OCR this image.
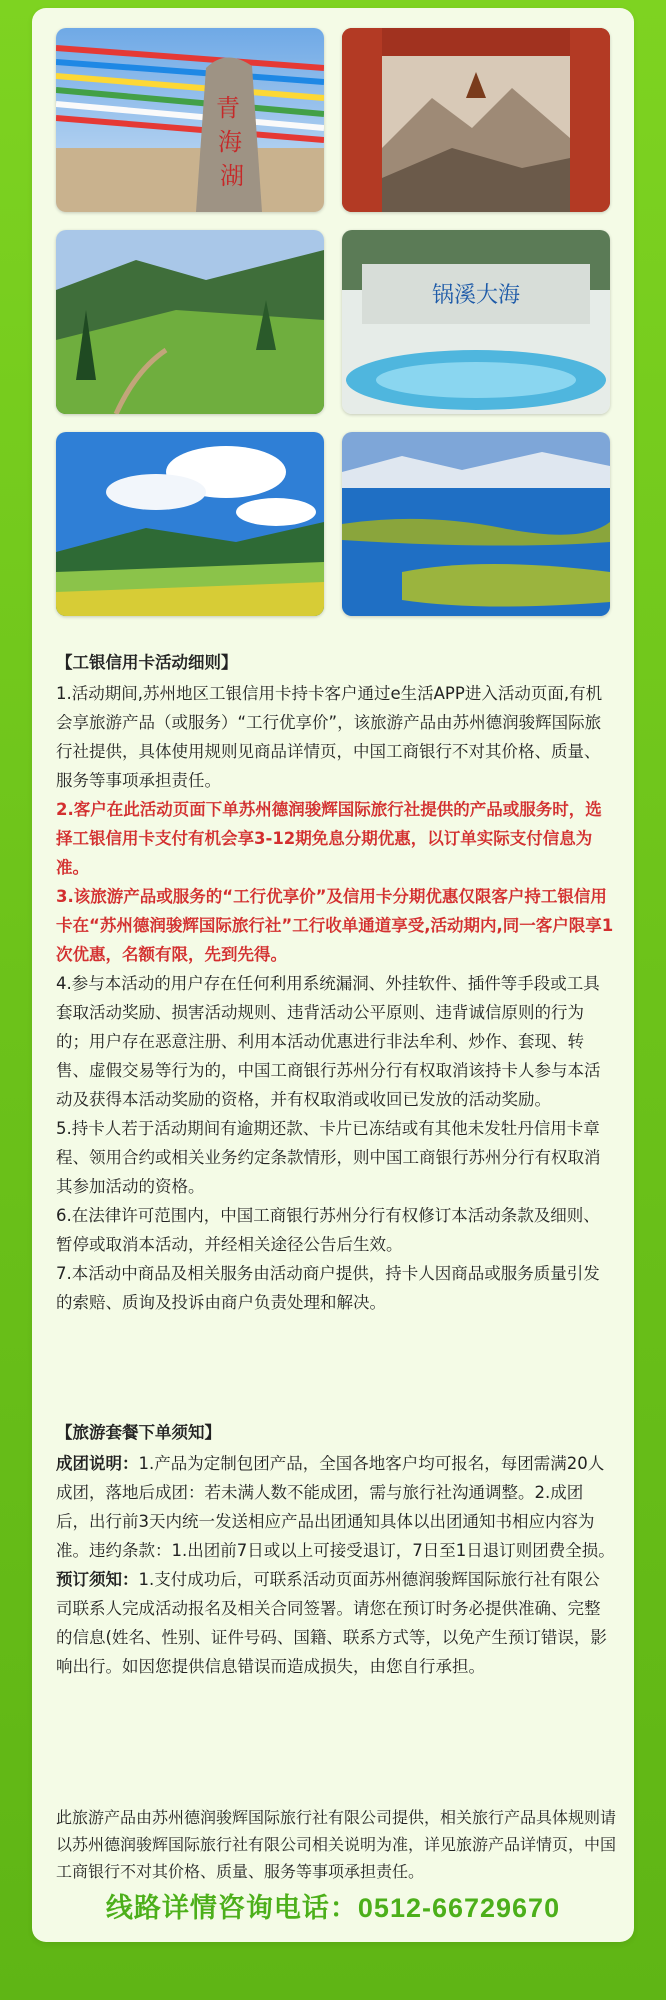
青
海
湖
锅溪大海

【工银信用卡活动细则】

1.活动期间,苏州地区工银信用卡持卡客户通过e生活APP进入活动页面,有机会享旅游产品（或服务）“工行优享价”，该旅游产品由苏州德润骏辉国际旅行社提供，具体使用规则见商品详情页，中国工商银行不对其价格、质量、服务等事项承担责任。

2.客户在此活动页面下单苏州德润骏辉国际旅行社提供的产品或服务时，选择工银信用卡支付有机会享3-12期免息分期优惠，以订单实际支付信息为准。

3.该旅游产品或服务的“工行优享价”及信用卡分期优惠仅限客户持工银信用卡在“苏州德润骏辉国际旅行社”工行收单通道享受,活动期内,同一客户限享1次优惠，名额有限，先到先得。

4.参与本活动的用户存在任何利用系统漏洞、外挂软件、插件等手段或工具套取活动奖励、损害活动规则、违背活动公平原则、违背诚信原则的行为的；用户存在恶意注册、利用本活动优惠进行非法牟利、炒作、套现、转售、虚假交易等行为的，中国工商银行苏州分行有权取消该持卡人参与本活动及获得本活动奖励的资格，并有权取消或收回已发放的活动奖励。

5.持卡人若于活动期间有逾期还款、卡片已冻结或有其他未发牡丹信用卡章程、领用合约或相关业务约定条款情形，则中国工商银行苏州分行有权取消其参加活动的资格。

6.在法律许可范围内，中国工商银行苏州分行有权修订本活动条款及细则、暂停或取消本活动，并经相关途径公告后生效。

7.本活动中商品及相关服务由活动商户提供，持卡人因商品或服务质量引发的索赔、质询及投诉由商户负责处理和解决。

【旅游套餐下单须知】

成团说明：1.产品为定制包团产品，全国各地客户均可报名，每团需满20人成团，落地后成团：若未满人数不能成团，需与旅行社沟通调整。2.成团后，出行前3天内统一发送相应产品出团通知具体以出团通知书相应内容为准。违约条款：1.出团前7日或以上可接受退订，7日至1日退订则团费全损。

预订须知：1.支付成功后，可联系活动页面苏州德润骏辉国际旅行社有限公司联系人完成活动报名及相关合同签署。请您在预订时务必提供准确、完整的信息(姓名、性别、证件号码、国籍、联系方式等，以免产生预订错误，影响出行。如因您提供信息错误而造成损失，由您自行承担。

此旅游产品由苏州德润骏辉国际旅行社有限公司提供，相关旅行产品具体规则请以苏州德润骏辉国际旅行社有限公司相关说明为准，详见旅游产品详情页，中国工商银行不对其价格、质量、服务等事项承担责任。

线路详情咨询电话：0512-66729670
